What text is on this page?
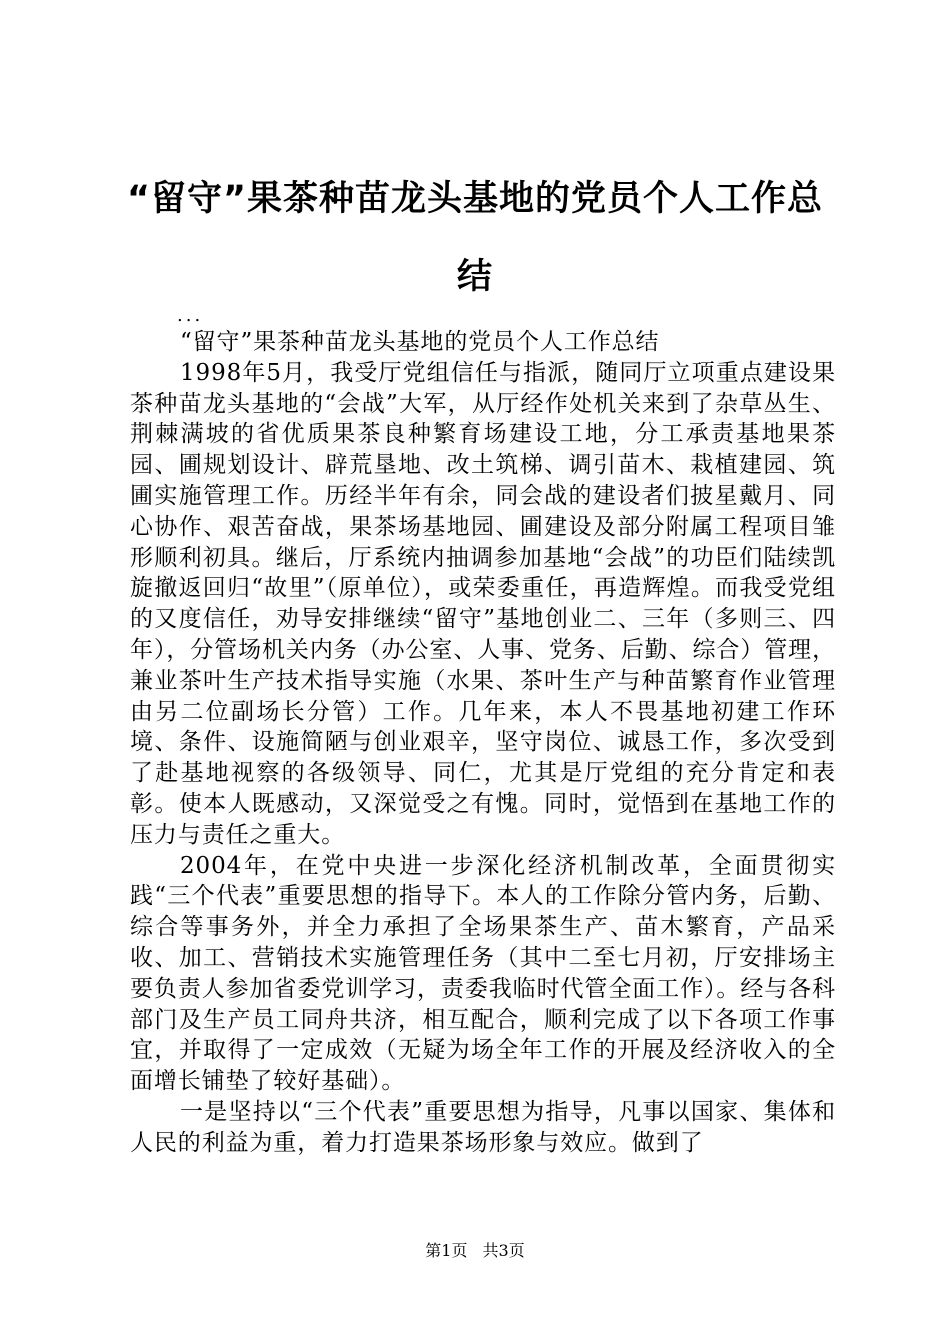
“留守”果茶种苗龙头基地的党员个人工作总结
...

“留守”果茶种苗龙头基地的党员个人工作总结

1998年5月，我受厅党组信任与指派，随同厅立项重点建设果茶种苗龙头基地的“会战”大军，从厅经作处机关来到了杂草丛生、荆棘满坡的省优质果茶良种繁育场建设工地，分工承责基地果茶园、圃规划设计、辟荒垦地、改土筑梯、调引苗木、栽植建园、筑圃实施管理工作。历经半年有余，同会战的建设者们披星戴月、同心协作、艰苦奋战，果茶场基地园、圃建设及部分附属工程项目雏形顺利初具。继后，厅系统内抽调参加基地“会战”的功臣们陆续凯旋撤返回归“故里”（原单位），或荣委重任，再造辉煌。而我受党组的又度信任，劝导安排继续“留守”基地创业二、三年（多则三、四年），分管场机关内务（办公室、人事、党务、后勤、综合）管理，兼业茶叶生产技术指导实施（水果、茶叶生产与种苗繁育作业管理由另二位副场长分管）工作。几年来，本人不畏基地初建工作环境、条件、设施简陋与创业艰辛，坚守岗位、诚恳工作，多次受到了赴基地视察的各级领导、同仁，尤其是厅党组的充分肯定和表彰。使本人既感动，又深觉受之有愧。同时，觉悟到在基地工作的压力与责任之重大。

2004年，在党中央进一步深化经济机制改革，全面贯彻实践“三个代表”重要思想的指导下。本人的工作除分管内务，后勤、综合等事务外，并全力承担了全场果茶生产、苗木繁育，产品采收、加工、营销技术实施管理任务（其中二至七月初，厅安排场主要负责人参加省委党训学习，责委我临时代管全面工作）。经与各科部门及生产员工同舟共济，相互配合，顺利完成了以下各项工作事宜，并取得了一定成效（无疑为场全年工作的开展及经济收入的全面增长铺垫了较好基础）。

一是坚持以“三个代表”重要思想为指导，凡事以国家、集体和人民的利益为重，着力打造果茶场形象与效应。做到了

第1页 共3页
